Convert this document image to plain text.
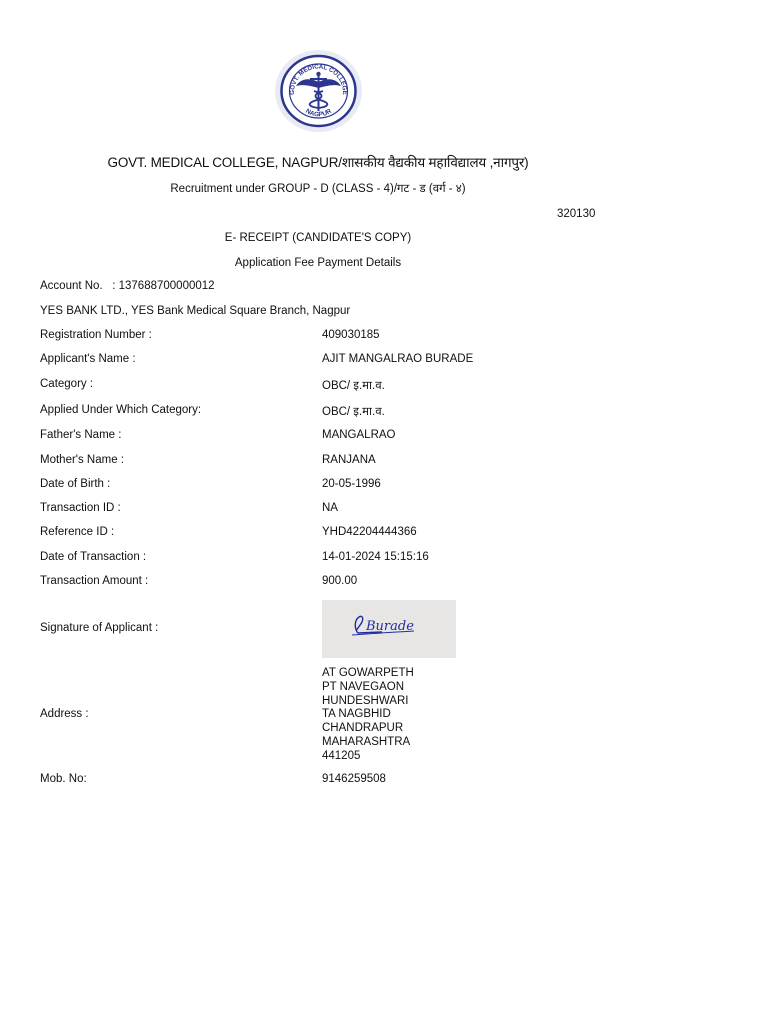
GOVT. MEDICAL COLLEGE
NAGPUR
GOVT. MEDICAL COLLEGE, NAGPUR/शासकीय वैद्यकीय महाविद्यालय ,नागपुर)
Recruitment under GROUP - D (CLASS - 4)/गट - ड (वर्ग - ४)
320130
E- RECEIPT (CANDIDATE'S COPY)
Application Fee Payment Details
Account No.   : 137688700000012
YES BANK LTD., YES Bank Medical Square Branch, Nagpur
Registration Number :	409030185
Applicant's Name :	AJIT MANGALRAO BURADE
Category :	OBC/ इ.मा.व.
Applied Under Which Category:	OBC/ इ.मा.व.
Father's Name :	MANGALRAO
Mother's Name :	RANJANA
Date of Birth :	20-05-1996
Transaction ID :	NA
Reference ID :	YHD42204444366
Date of Transaction :	14-01-2024 15:15:16
Transaction Amount :	900.00
Signature of Applicant :	Burade
Address :
AT GOWARPETH
PT NAVEGAON
HUNDESHWARI
TA NAGBHID
CHANDRAPUR
MAHARASHTRA
441205
Mob. No:	9146259508
